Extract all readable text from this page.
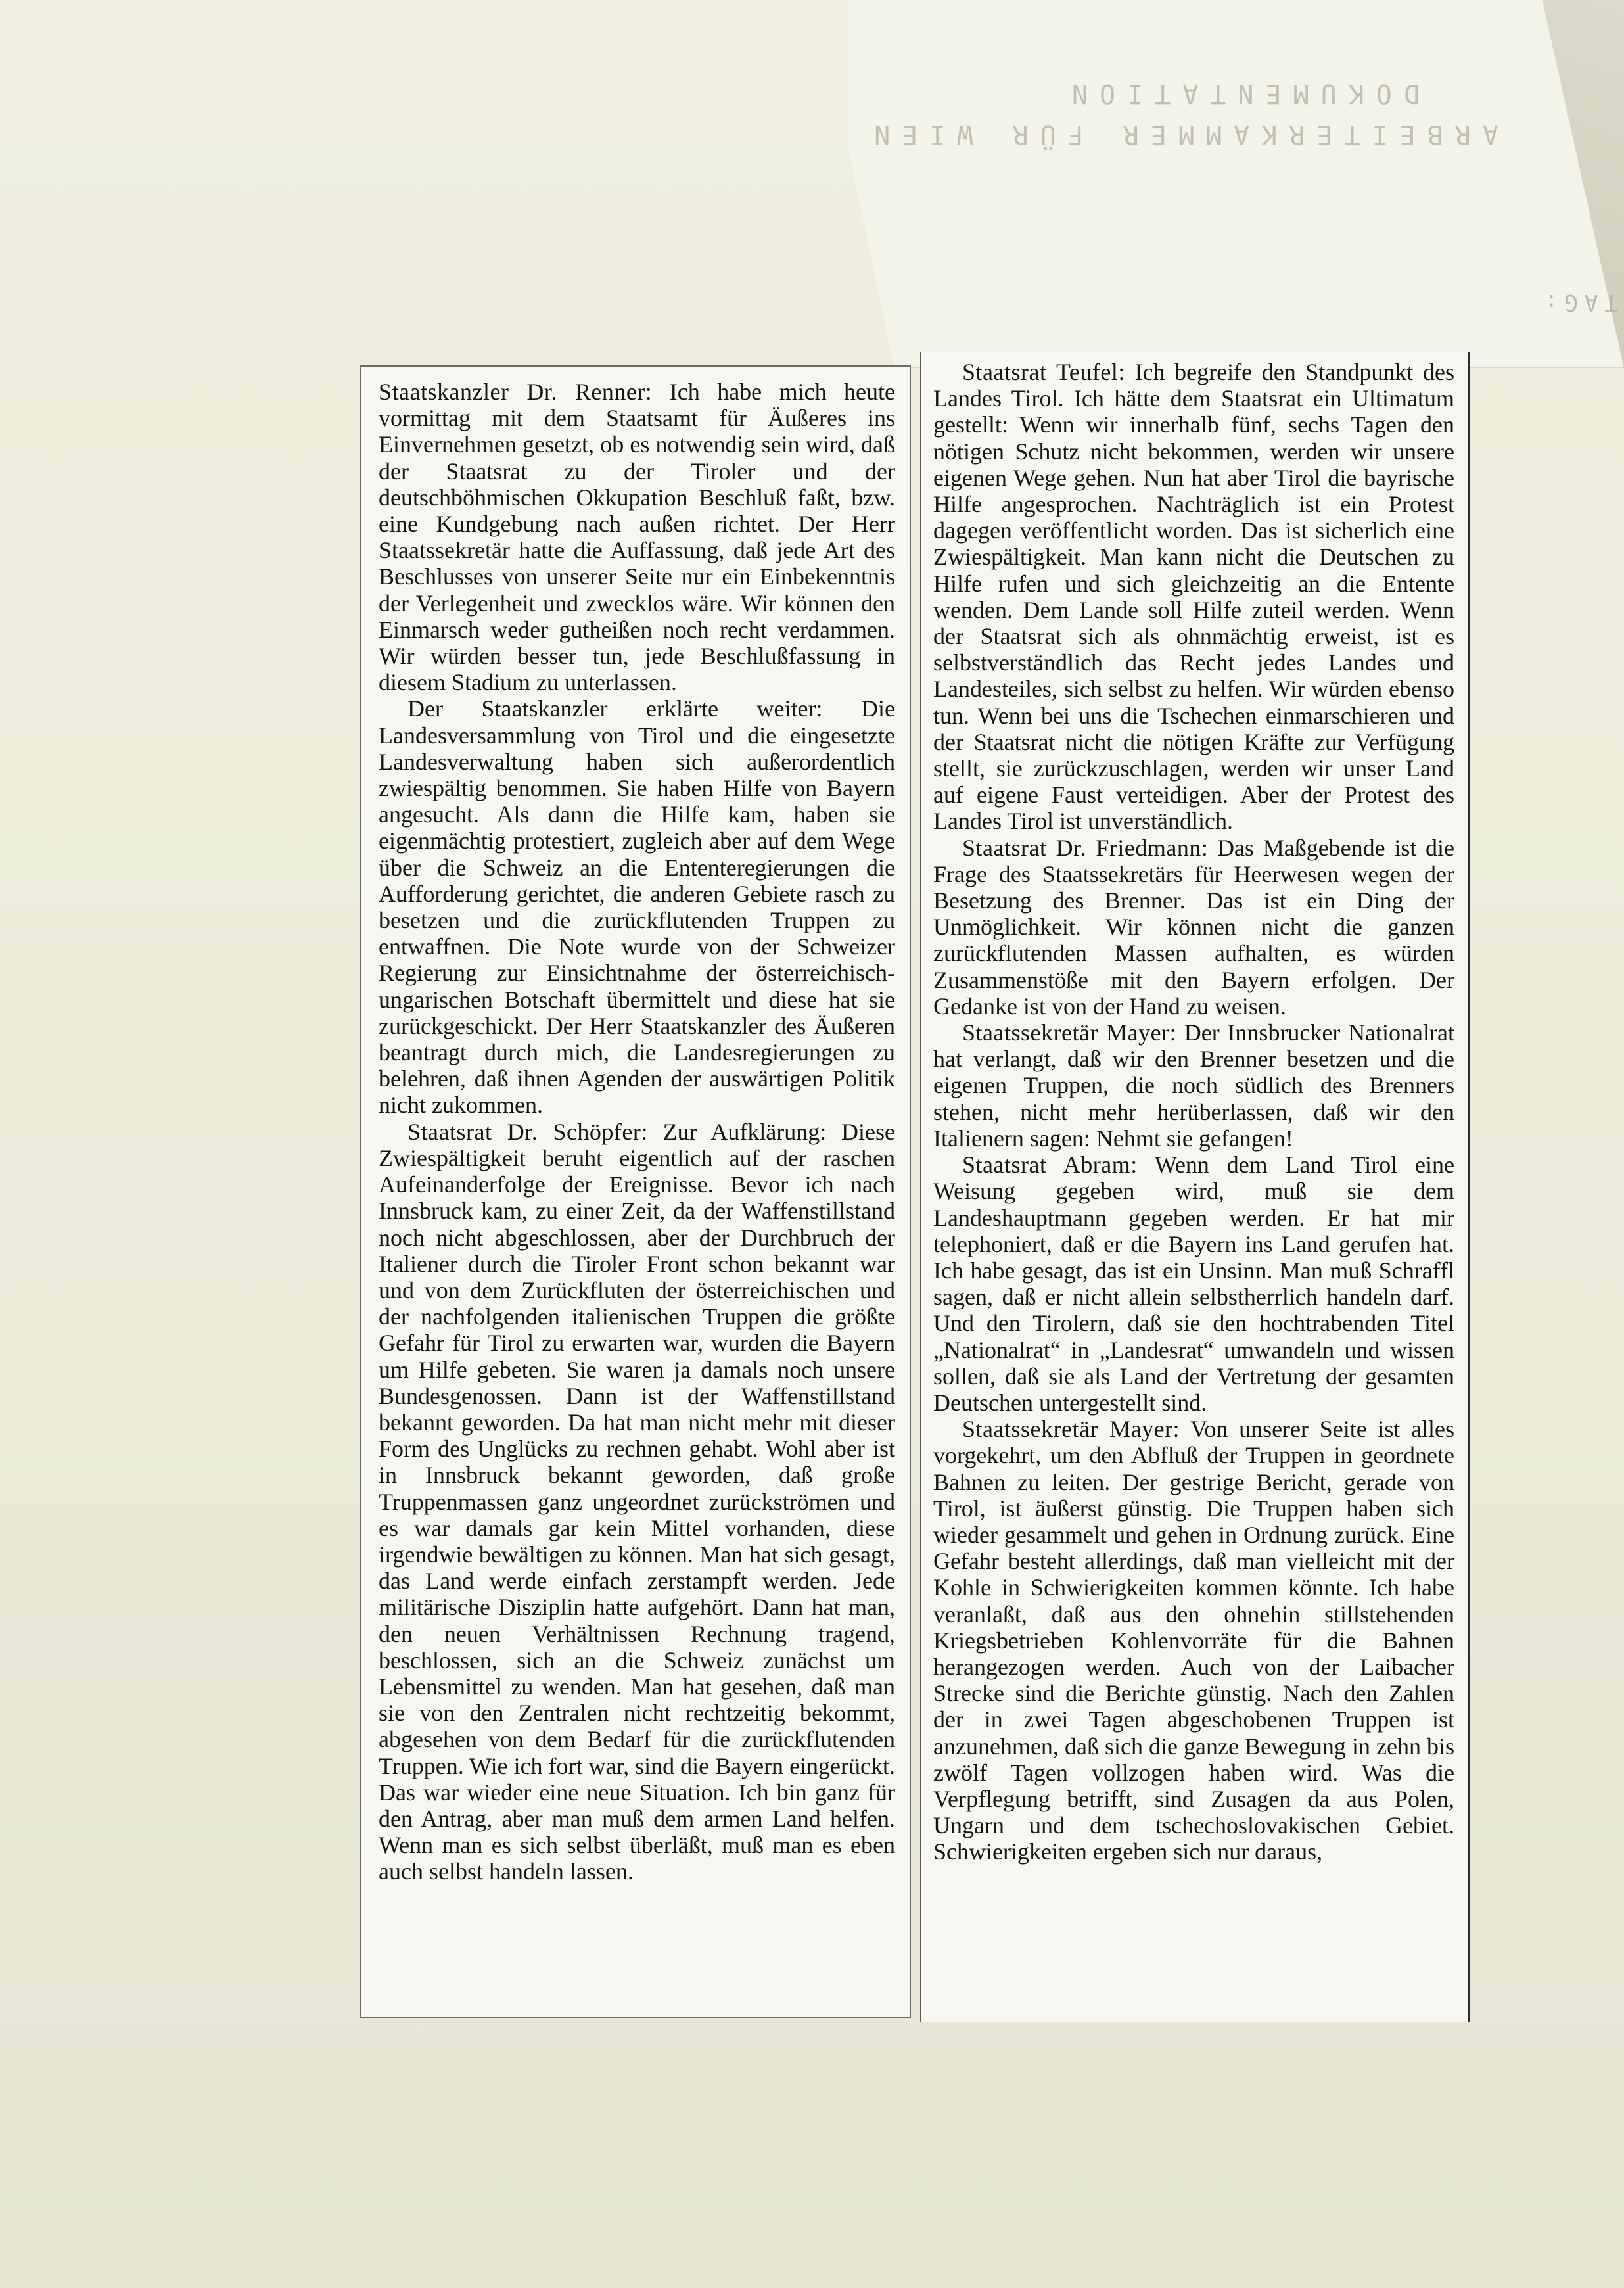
ARBEITERKAMMER FÜR WIEN
DOKUMENTATION
TAG:

Staatskanzler Dr. Renner: Ich habe mich heute vormittag mit dem Staatsamt für Äußeres ins Einvernehmen gesetzt, ob es notwendig sein wird, daß der Staatsrat zu der Tiroler und der deutschböhmischen Okkupation Beschluß faßt, bzw. eine Kundgebung nach außen richtet. Der Herr Staatssekretär hatte die Auffassung, daß jede Art des Beschlusses von unserer Seite nur ein Einbekenntnis der Verlegenheit und zwecklos wäre. Wir können den Einmarsch weder gutheißen noch recht verdammen. Wir würden besser tun, jede Beschlußfassung in diesem Stadium zu unterlassen.

Der Staatskanzler erklärte weiter: Die Landesversammlung von Tirol und die eingesetzte Landesverwaltung haben sich außerordentlich zwiespältig benommen. Sie haben Hilfe von Bayern angesucht. Als dann die Hilfe kam, haben sie eigenmächtig protestiert, zugleich aber auf dem Wege über die Schweiz an die Ententeregierungen die Aufforderung gerichtet, die anderen Gebiete rasch zu besetzen und die zurückflutenden Truppen zu entwaffnen. Die Note wurde von der Schweizer Regierung zur Einsichtnahme der österreichisch-ungarischen Botschaft übermittelt und diese hat sie zurückgeschickt. Der Herr Staatskanzler des Äußeren beantragt durch mich, die Landesregierungen zu belehren, daß ihnen Agenden der auswärtigen Politik nicht zukommen.

Staatsrat Dr. Schöpfer: Zur Aufklärung: Diese Zwiespältigkeit beruht eigentlich auf der raschen Aufeinanderfolge der Ereignisse. Bevor ich nach Innsbruck kam, zu einer Zeit, da der Waffenstillstand noch nicht abgeschlossen, aber der Durchbruch der Italiener durch die Tiroler Front schon bekannt war und von dem Zurückfluten der österreichischen und der nachfolgenden italienischen Truppen die größte Gefahr für Tirol zu erwarten war, wurden die Bayern um Hilfe gebeten. Sie waren ja damals noch unsere Bundesgenossen. Dann ist der Waffenstillstand bekannt geworden. Da hat man nicht mehr mit dieser Form des Unglücks zu rechnen gehabt. Wohl aber ist in Innsbruck bekannt geworden, daß große Truppenmassen ganz ungeordnet zurückströmen und es war damals gar kein Mittel vorhanden, diese irgendwie bewältigen zu können. Man hat sich gesagt, das Land werde einfach zerstampft werden. Jede militärische Disziplin hatte aufgehört. Dann hat man, den neuen Verhältnissen Rechnung tragend, beschlossen, sich an die Schweiz zunächst um Lebensmittel zu wenden. Man hat gesehen, daß man sie von den Zentralen nicht rechtzeitig bekommt, abgesehen von dem Bedarf für die zurückflutenden Truppen. Wie ich fort war, sind die Bayern eingerückt. Das war wieder eine neue Situation. Ich bin ganz für den Antrag, aber man muß dem armen Land helfen. Wenn man es sich selbst überläßt, muß man es eben auch selbst handeln lassen.

Staatsrat Teufel: Ich begreife den Standpunkt des Landes Tirol. Ich hätte dem Staatsrat ein Ultimatum gestellt: Wenn wir innerhalb fünf, sechs Tagen den nötigen Schutz nicht bekommen, werden wir unsere eigenen Wege gehen. Nun hat aber Tirol die bayrische Hilfe angesprochen. Nachträglich ist ein Protest dagegen veröffentlicht worden. Das ist sicherlich eine Zwiespältigkeit. Man kann nicht die Deutschen zu Hilfe rufen und sich gleichzeitig an die Entente wenden. Dem Lande soll Hilfe zuteil werden. Wenn der Staatsrat sich als ohnmächtig erweist, ist es selbstverständlich das Recht jedes Landes und Landesteiles, sich selbst zu helfen. Wir würden ebenso tun. Wenn bei uns die Tschechen einmarschieren und der Staatsrat nicht die nötigen Kräfte zur Verfügung stellt, sie zurückzuschlagen, werden wir unser Land auf eigene Faust verteidigen. Aber der Protest des Landes Tirol ist unverständlich.

Staatsrat Dr. Friedmann: Das Maßgebende ist die Frage des Staatssekretärs für Heerwesen wegen der Besetzung des Brenner. Das ist ein Ding der Unmöglichkeit. Wir können nicht die ganzen zurückflutenden Massen aufhalten, es würden Zusammenstöße mit den Bayern erfolgen. Der Gedanke ist von der Hand zu weisen.

Staatssekretär Mayer: Der Innsbrucker Nationalrat hat verlangt, daß wir den Brenner besetzen und die eigenen Truppen, die noch südlich des Brenners stehen, nicht mehr herüberlassen, daß wir den Italienern sagen: Nehmt sie gefangen!

Staatsrat Abram: Wenn dem Land Tirol eine Weisung gegeben wird, muß sie dem Landeshauptmann gegeben werden. Er hat mir telephoniert, daß er die Bayern ins Land gerufen hat. Ich habe gesagt, das ist ein Unsinn. Man muß Schraffl sagen, daß er nicht allein selbstherrlich handeln darf. Und den Tirolern, daß sie den hochtrabenden Titel „Nationalrat“ in „Landesrat“ umwandeln und wissen sollen, daß sie als Land der Vertretung der gesamten Deutschen untergestellt sind.

Staatssekretär Mayer: Von unserer Seite ist alles vorgekehrt, um den Abfluß der Truppen in geordnete Bahnen zu leiten. Der gestrige Bericht, gerade von Tirol, ist äußerst günstig. Die Truppen haben sich wieder gesammelt und gehen in Ordnung zurück. Eine Gefahr besteht allerdings, daß man vielleicht mit der Kohle in Schwierigkeiten kommen könnte. Ich habe veranlaßt, daß aus den ohnehin stillstehenden Kriegsbetrieben Kohlenvorräte für die Bahnen herangezogen werden. Auch von der Laibacher Strecke sind die Berichte günstig. Nach den Zahlen der in zwei Tagen abgeschobenen Truppen ist anzunehmen, daß sich die ganze Bewegung in zehn bis zwölf Tagen vollzogen haben wird. Was die Verpflegung betrifft, sind Zusagen da aus Polen, Ungarn und dem tschechoslovakischen Gebiet. Schwierigkeiten ergeben sich nur daraus,
